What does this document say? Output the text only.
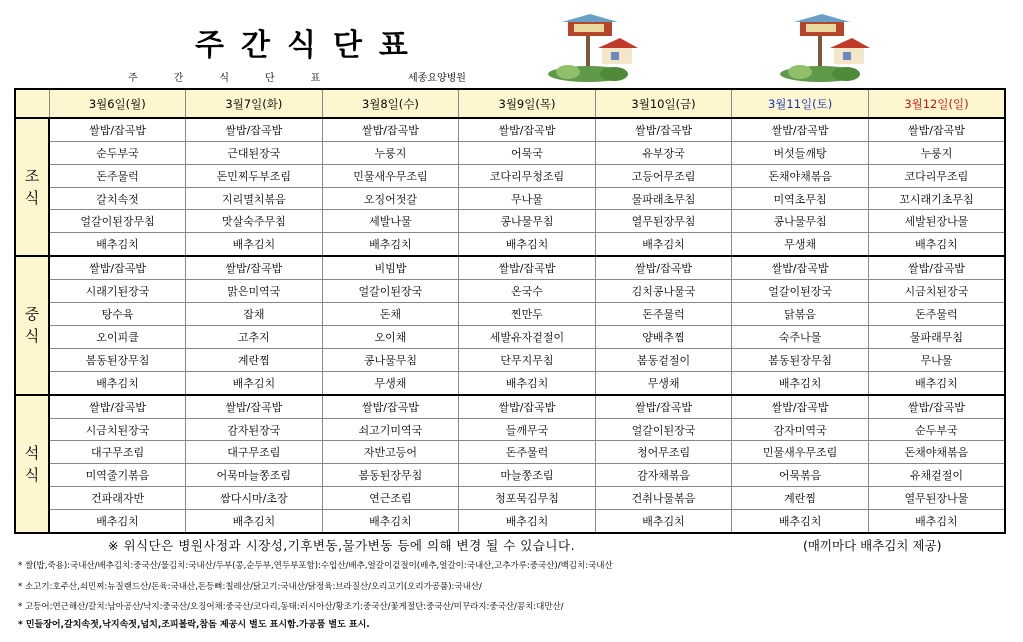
주간식단표
주간식단표	세종요양병원
	3월6일(월)	3월7일(화)	3월8일(수)	3월9일(목)	3월10일(금)	3월11일(토)	3월12일(일)
조
식	쌀밥/잡곡밥	쌀밥/잡곡밥	쌀밥/잡곡밥	쌀밥/잡곡밥	쌀밥/잡곡밥	쌀밥/잡곡밥	쌀밥/잡곡밥
	순두부국	근대된장국	누룽지	어묵국	유부장국	버섯들깨탕	누룽지
	돈주물럭	돈민찌두부조림	민물새우무조림	코다리무청조림	고등어무조림	돈채야채볶음	코다리무조림
	갈치속젓	지리멸치볶음	오징어젓갈	무나물	물파래초무침	미역초무침	꼬시래기초무침
	얼갈이된장무침	맛살숙주무침	세발나물	콩나물무침	열무된장무침	콩나물무침	세발된장나물
	배추김치	배추김치	배추김치	배추김치	배추김치	무생채	배추김치
중
식	쌀밥/잡곡밥	쌀밥/잡곡밥	비빔밥	쌀밥/잡곡밥	쌀밥/잡곡밥	쌀밥/잡곡밥	쌀밥/잡곡밥
	시래기된장국	맑은미역국	얼갈이된장국	온국수	김치콩나물국	얼갈이된장국	시금치된장국
	탕수육	잡채	돈채	찐만두	돈주물럭	닭볶음	돈주물럭
	오이피클	고추지	오이채	세발유자겉절이	양배추찜	숙주나물	물파래무침
	봄동된장무침	계란찜	콩나물무침	단무지무침	봄동겉절이	봄동된장무침	무나물
	배추김치	배추김치	무생채	배추김치	무생채	배추김치	배추김치
석
식	쌀밥/잡곡밥	쌀밥/잡곡밥	쌀밥/잡곡밥	쌀밥/잡곡밥	쌀밥/잡곡밥	쌀밥/잡곡밥	쌀밥/잡곡밥
	시금치된장국	감자된장국	쇠고기미역국	들깨무국	얼갈이된장국	감자미역국	순두부국
	대구무조림	대구무조림	자반고등어	돈주물럭	청어무조림	민물새우무조림	돈채야채볶음
	미역줄기볶음	어묵마늘쫑조림	봄동된장무침	마늘쫑조림	감자채볶음	어묵볶음	유채겉절이
	건파래자반	쌈다시마/초장	연근조림	청포묵김무침	건취나물볶음	계란찜	열무된장나물
	배추김치	배추김치	배추김치	배추김치	배추김치	배추김치	배추김치
※ 위식단은 병원사정과 시장성,기후변동,물가변동 등에 의해 변경 될 수 있습니다.	(매끼마다 배추김치 제공)
* 쌀(밥,죽용):국내산/배추김치:중국산/물김치:국내산/두부(콩,순두부,연두부포함):수입산/배추,얼갈이겉절이(배추,얼갈이:국내산,고추가루:중국산)/백김치:국내산
* 소고기:호주산,쇠민찌:뉴질랜드산/돈육:국내산,돈등뼈:칠레산/닭고기:국내산/닭정육:브라질산/오리고기(오리가공품):국내산/
* 고등어:연근해산/갈치:남아공산/낙지:중국산/오징어채:중국산/코다리,동태:러시아산/황조기:중국산/꽃게절단:중국산/미꾸라지:중국산/꽁치:대만산/
* 민들장어,갈치속젓,낙지속젓,넙치,조피볼락,참돔 제공시 별도 표시함.가공품 별도 표시.
